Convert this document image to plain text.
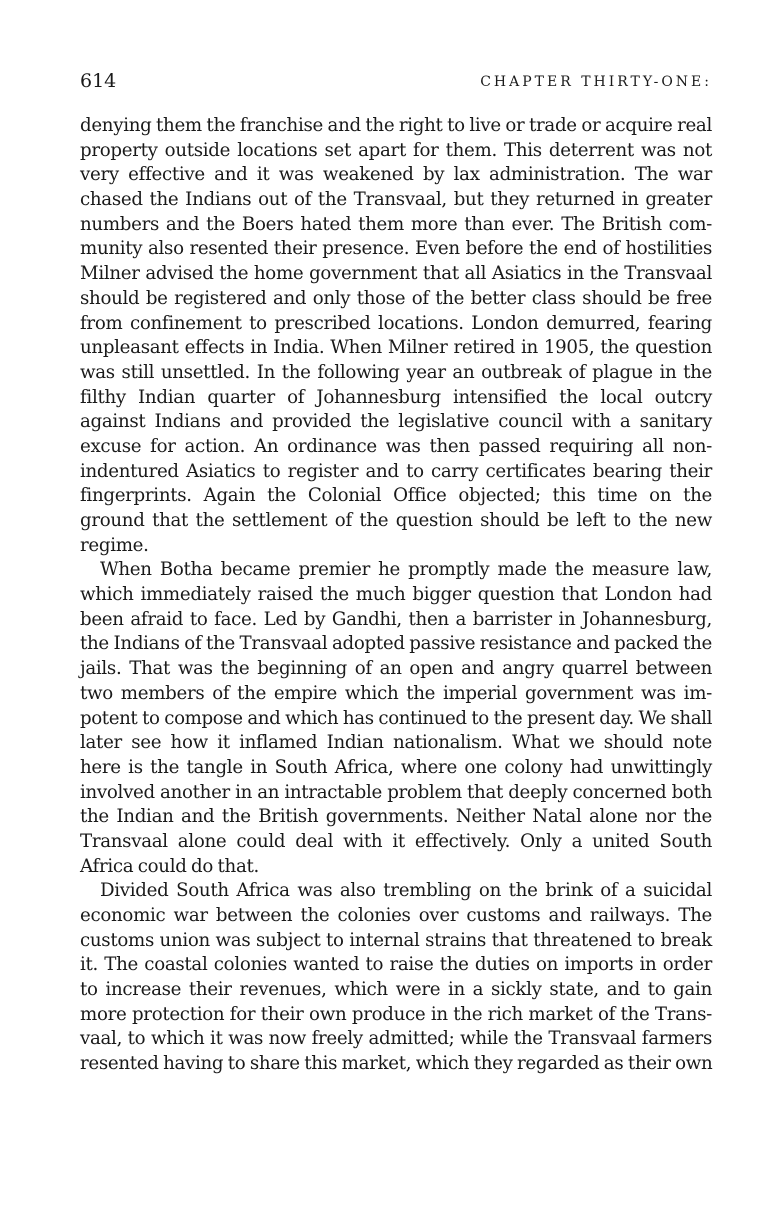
614	CHAPTER THIRTY-ONE:
denying them the franchise and the right to live or trade or acquire real
property outside locations set apart for them. This deterrent was not
very effective and it was weakened by lax administration. The war
chased the Indians out of the Transvaal, but they returned in greater
numbers and the Boers hated them more than ever. The British com-
munity also resented their presence. Even before the end of hostilities
Milner advised the home government that all Asiatics in the Transvaal
should be registered and only those of the better class should be free
from confinement to prescribed locations. London demurred, fearing
unpleasant effects in India. When Milner retired in 1905, the question
was still unsettled. In the following year an outbreak of plague in the
filthy Indian quarter of Johannesburg intensified the local outcry
against Indians and provided the legislative council with a sanitary
excuse for action. An ordinance was then passed requiring all non-
indentured Asiatics to register and to carry certificates bearing their
fingerprints. Again the Colonial Office objected; this time on the
ground that the settlement of the question should be left to the new
regime.
When Botha became premier he promptly made the measure law,
which immediately raised the much bigger question that London had
been afraid to face. Led by Gandhi, then a barrister in Johannesburg,
the Indians of the Transvaal adopted passive resistance and packed the
jails. That was the beginning of an open and angry quarrel between
two members of the empire which the imperial government was im-
potent to compose and which has continued to the present day. We shall
later see how it inflamed Indian nationalism. What we should note
here is the tangle in South Africa, where one colony had unwittingly
involved another in an intractable problem that deeply concerned both
the Indian and the British governments. Neither Natal alone nor the
Transvaal alone could deal with it effectively. Only a united South
Africa could do that.
Divided South Africa was also trembling on the brink of a suicidal
economic war between the colonies over customs and railways. The
customs union was subject to internal strains that threatened to break
it. The coastal colonies wanted to raise the duties on imports in order
to increase their revenues, which were in a sickly state, and to gain
more protection for their own produce in the rich market of the Trans-
vaal, to which it was now freely admitted; while the Transvaal farmers
resented having to share this market, which they regarded as their own
